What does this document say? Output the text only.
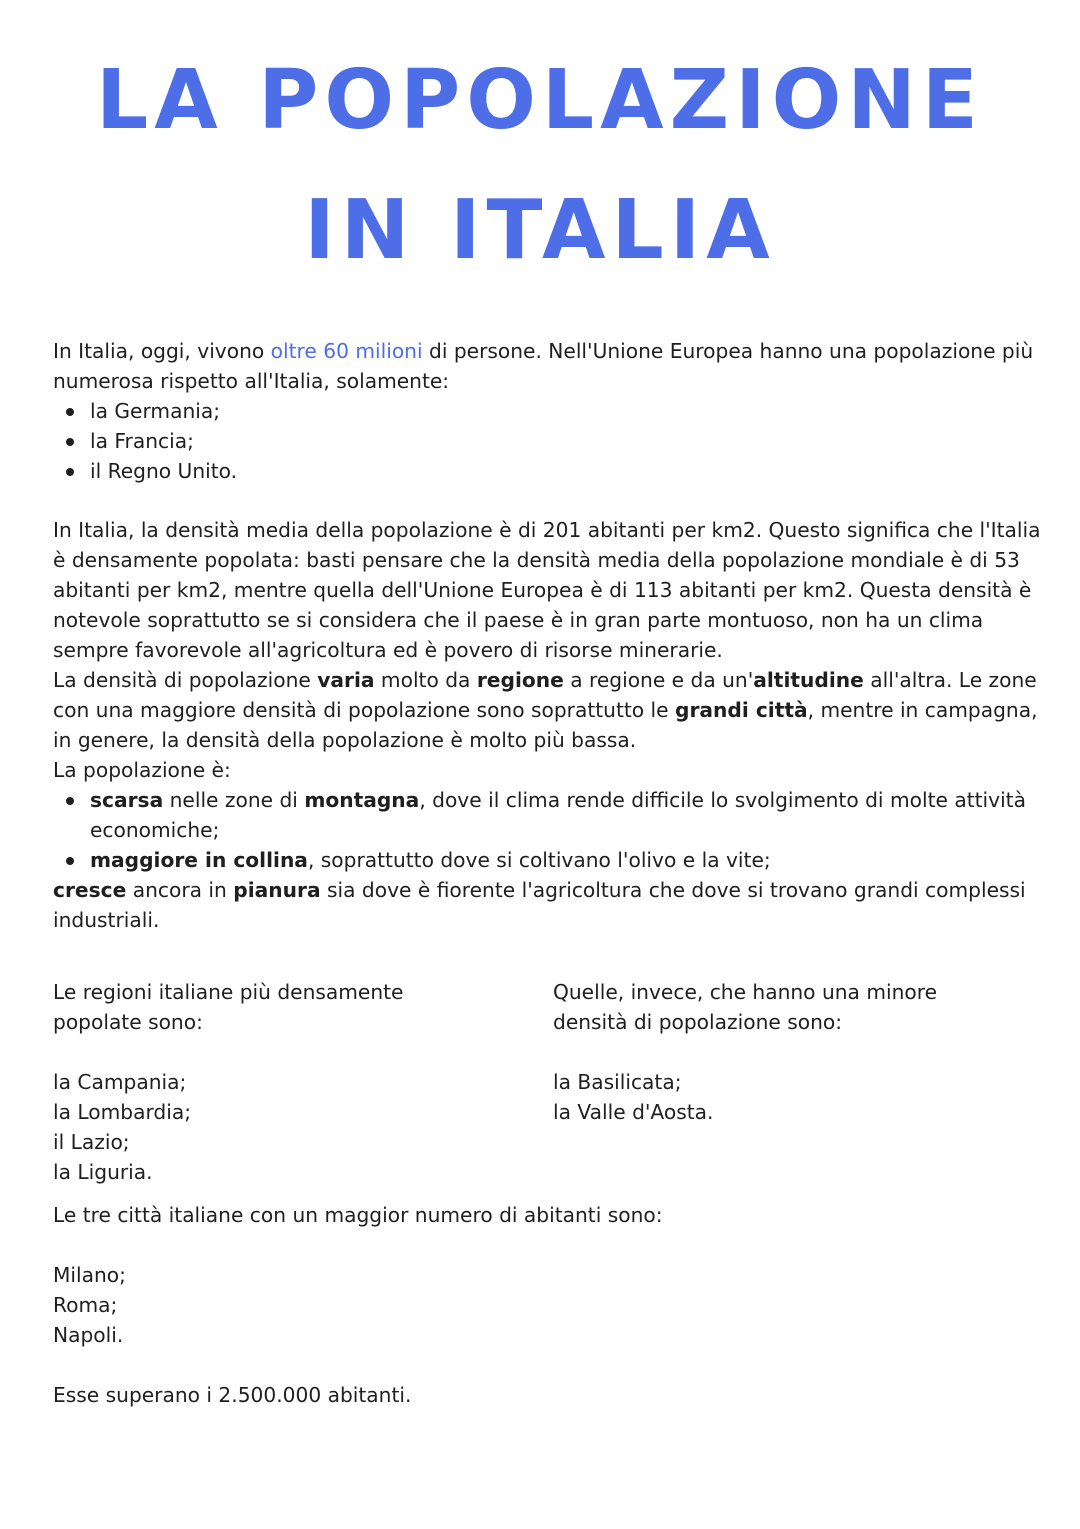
LA POPOLAZIONE
IN ITALIA

In Italia, oggi, vivono oltre 60 milioni di persone. Nell'Unione Europea hanno una popolazione più numerosa rispetto all'Italia, solamente:

la Germania;
la Francia;
il Regno Unito.

In Italia, la densità media della popolazione è di 201 abitanti per km2. Questo significa che l'Italia è densamente popolata: basti pensare che la densità media della popolazione mondiale è di 53 abitanti per km2, mentre quella dell'Unione Europea è di 113 abitanti per km2. Questa densità è notevole soprattutto se si considera che il paese è in gran parte montuoso, non ha un clima sempre favorevole all'agricoltura ed è povero di risorse minerarie.

La densità di popolazione varia molto da regione a regione e da un'altitudine all'altra. Le zone con una maggiore densità di popolazione sono soprattutto le grandi città, mentre in campagna, in genere, la densità della popolazione è molto più bassa.

La popolazione è:

scarsa nelle zone di montagna, dove il clima rende difficile lo svolgimento di molte attività economiche;
maggiore in collina, soprattutto dove si coltivano l'olivo e la vite;

cresce ancora in pianura sia dove è fiorente l'agricoltura che dove si trovano grandi complessi industriali.

Le regioni italiane più densamente popolate sono:

la Campania;
la Lombardia;
il Lazio;
la Liguria.

Quelle, invece, che hanno una minore densità di popolazione sono:

la Basilicata;
la Valle d'Aosta.

Le tre città italiane con un maggior numero di abitanti sono:

Milano;
Roma;
Napoli.

Esse superano i 2.500.000 abitanti.
